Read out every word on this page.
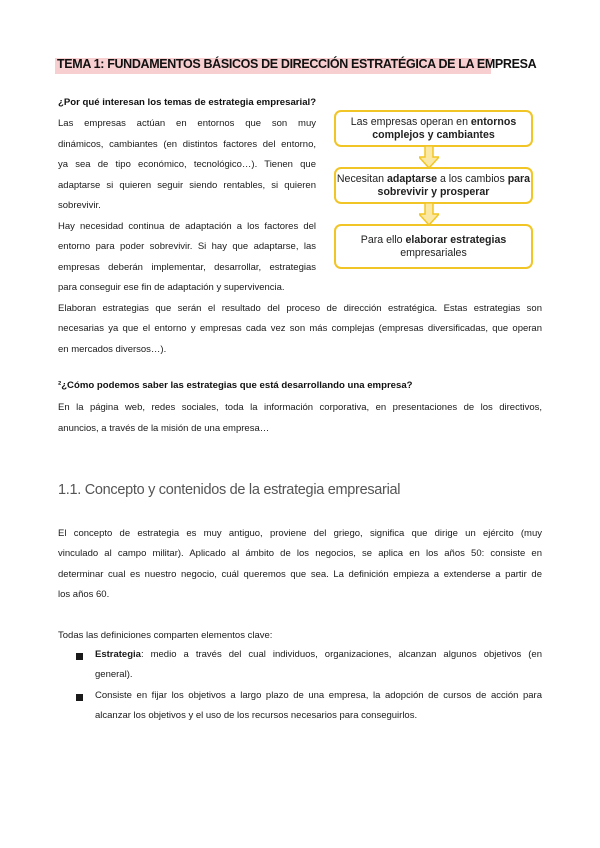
TEMA 1: FUNDAMENTOS BÁSICOS DE DIRECCIÓN ESTRATÉGICA DE LA EMPRESA
¿Por qué interesan los temas de estrategia empresarial?
Las empresas actúan en entornos que son muy
dinámicos, cambiantes (en distintos factores del entorno,
ya sea de tipo económico, tecnológico…). Tienen que
adaptarse si quieren seguir siendo rentables, si quieren
sobrevivir.
Hay necesidad continua de adaptación a los factores del
entorno para poder sobrevivir. Si hay que adaptarse, las
empresas deberán implementar, desarrollar, estrategias
para conseguir ese fin de adaptación y supervivencia.
Elaboran estrategias que serán el resultado del proceso de dirección estratégica. Estas estrategias son
necesarias ya que el entorno y empresas cada vez son más complejas (empresas diversificadas, que operan
en mercados diversos…).
Las empresas operan en entornos complejos y cambiantes
Necesitan adaptarse a los cambios para sobrevivir y prosperar
Para ello elaborar estrategias empresariales
²¿Cómo podemos saber las estrategias que está desarrollando una empresa?
En la página web, redes sociales, toda la información corporativa, en presentaciones de los directivos,
anuncios, a través de la misión de una empresa…
1.1. Concepto y contenidos de la estrategia empresarial
El concepto de estrategia es muy antiguo, proviene del griego, significa que dirige un ejército (muy
vinculado al campo militar). Aplicado al ámbito de los negocios, se aplica en los años 50: consiste en
determinar cual es nuestro negocio, cuál queremos que sea. La definición empieza a extenderse a partir de
los años 60.
Todas las definiciones comparten elementos clave:
Estrategia: medio a través del cual individuos, organizaciones, alcanzan algunos objetivos (en
general).
Consiste en fijar los objetivos a largo plazo de una empresa, la adopción de cursos de acción para
alcanzar los objetivos y el uso de los recursos necesarios para conseguirlos.
